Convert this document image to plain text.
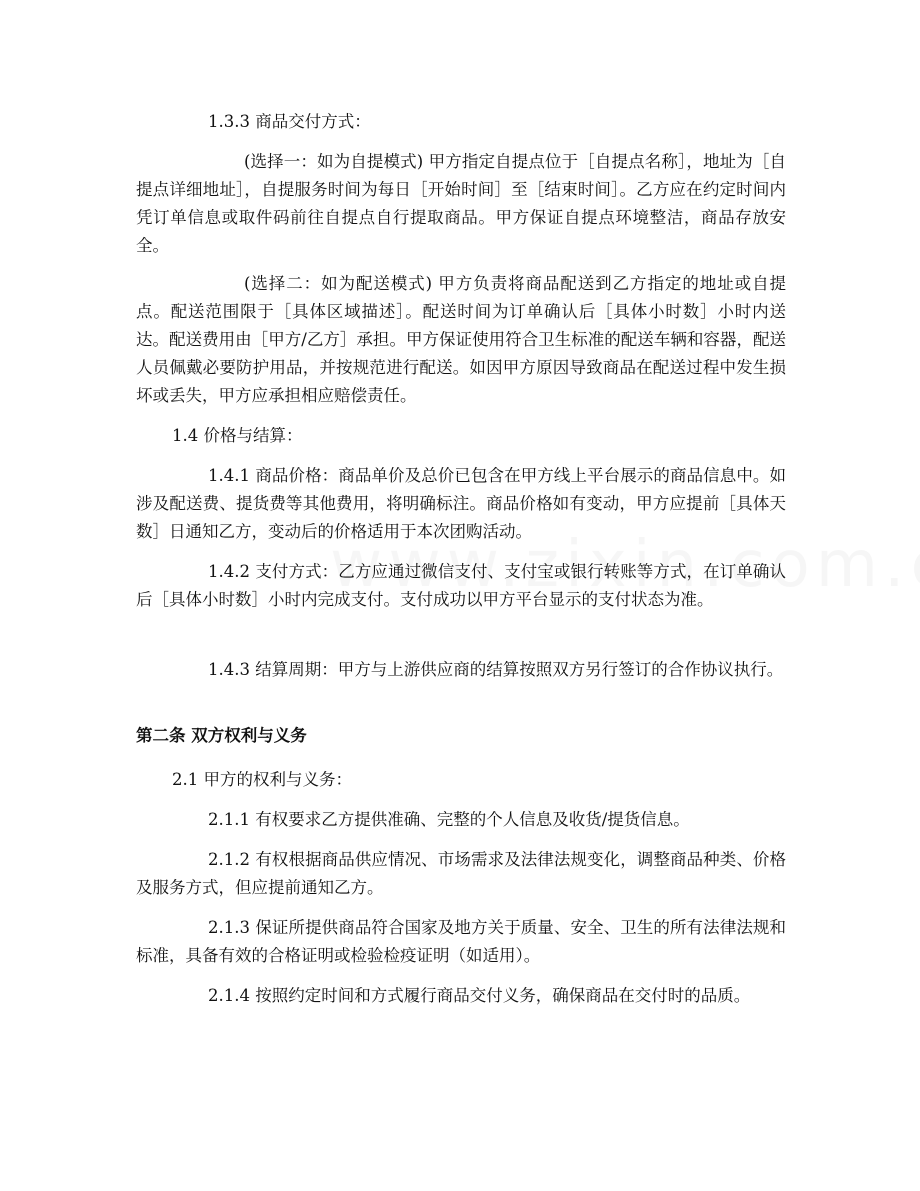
1.3.3 商品交付方式：

(选择一：如为自提模式) 甲方指定自提点位于［自提点名称］，地址为［自提点详细地址］，自提服务时间为每日［开始时间］至［结束时间］。乙方应在约定时间内凭订单信息或取件码前往自提点自行提取商品。甲方保证自提点环境整洁，商品存放安全。

(选择二：如为配送模式) 甲方负责将商品配送到乙方指定的地址或自提点。配送范围限于［具体区域描述］。配送时间为订单确认后［具体小时数］小时内送达。配送费用由［甲方/乙方］承担。甲方保证使用符合卫生标准的配送车辆和容器，配送人员佩戴必要防护用品，并按规范进行配送。如因甲方原因导致商品在配送过程中发生损坏或丢失，甲方应承担相应赔偿责任。

1.4 价格与结算：

1.4.1 商品价格：商品单价及总价已包含在甲方线上平台展示的商品信息中。如涉及配送费、提货费等其他费用，将明确标注。商品价格如有变动，甲方应提前［具体天数］日通知乙方，变动后的价格适用于本次团购活动。

1.4.2 支付方式：乙方应通过微信支付、支付宝或银行转账等方式，在订单确认后［具体小时数］小时内完成支付。支付成功以甲方平台显示的支付状态为准。

1.4.3 结算周期：甲方与上游供应商的结算按照双方另行签订的合作协议执行。

第二条 双方权利与义务

2.1 甲方的权利与义务：

2.1.1 有权要求乙方提供准确、完整的个人信息及收货/提货信息。

2.1.2 有权根据商品供应情况、市场需求及法律法规变化，调整商品种类、价格及服务方式，但应提前通知乙方。

2.1.3 保证所提供商品符合国家及地方关于质量、安全、卫生的所有法律法规和标准，具备有效的合格证明或检验检疫证明（如适用）。

2.1.4 按照约定时间和方式履行商品交付义务，确保商品在交付时的品质。
